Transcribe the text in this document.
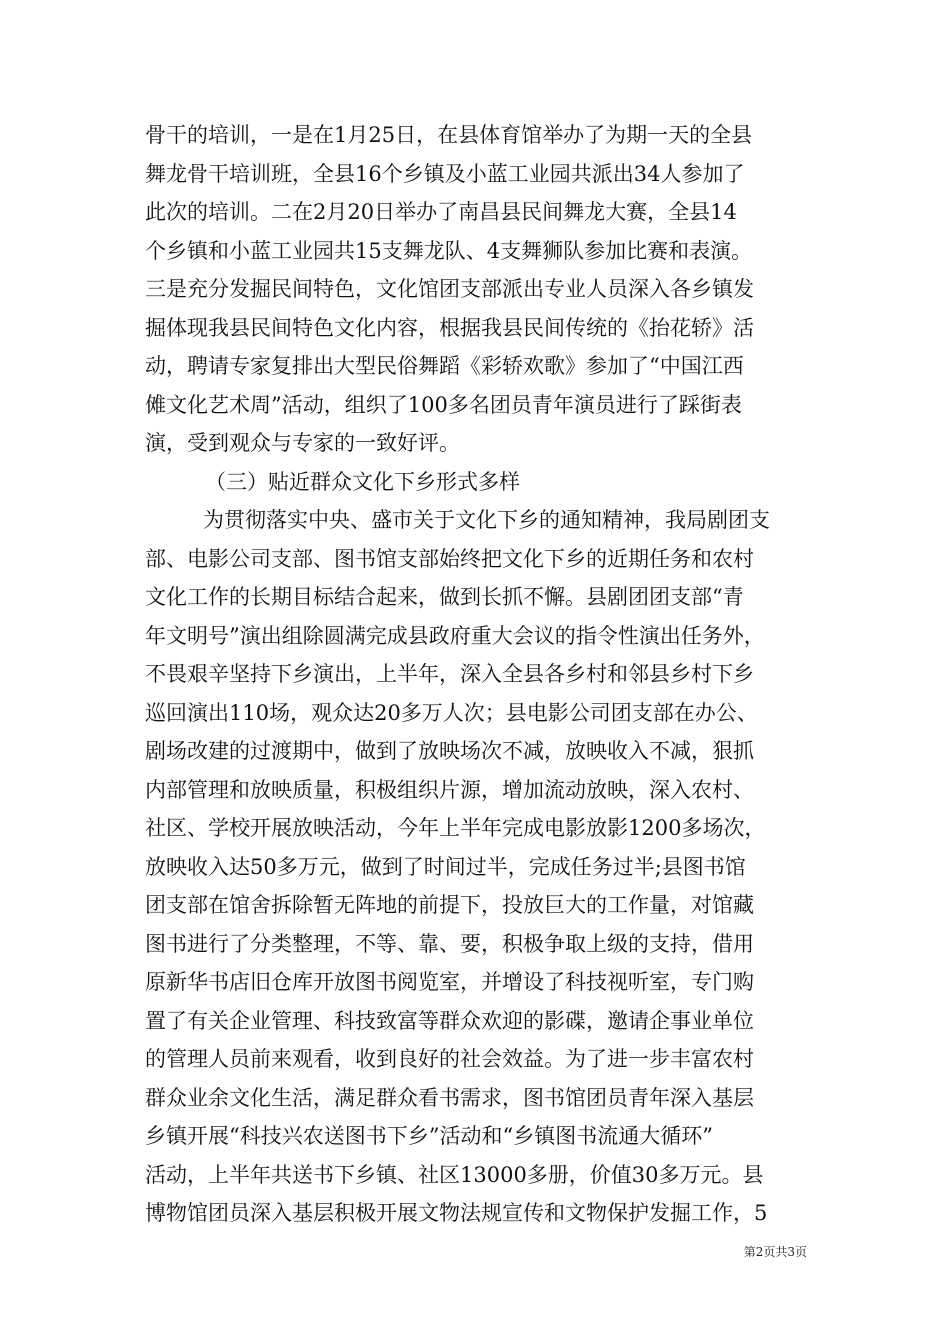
骨干的培训，一是在1月25日，在县体育馆举办了为期一天的全县
舞龙骨干培训班，全县16个乡镇及小蓝工业园共派出34人参加了
此次的培训。二在2月20日举办了南昌县民间舞龙大赛，全县14
个乡镇和小蓝工业园共15支舞龙队、4支舞狮队参加比赛和表演。
三是充分发掘民间特色，文化馆团支部派出专业人员深入各乡镇发
掘体现我县民间特色文化内容，根据我县民间传统的《抬花轿》活
动，聘请专家复排出大型民俗舞蹈《彩轿欢歌》参加了“中国江西
傩文化艺术周”活动，组织了100多名团员青年演员进行了踩街表
演，受到观众与专家的一致好评。
（三）贴近群众文化下乡形式多样
为贯彻落实中央、盛市关于文化下乡的通知精神，我局剧团支
部、电影公司支部、图书馆支部始终把文化下乡的近期任务和农村
文化工作的长期目标结合起来，做到长抓不懈。县剧团团支部“青
年文明号”演出组除圆满完成县政府重大会议的指令性演出任务外，
不畏艰辛坚持下乡演出，上半年，深入全县各乡村和邻县乡村下乡
巡回演出110场，观众达20多万人次；县电影公司团支部在办公、
剧场改建的过渡期中，做到了放映场次不减，放映收入不减，狠抓
内部管理和放映质量，积极组织片源，增加流动放映，深入农村、
社区、学校开展放映活动，今年上半年完成电影放影1200多场次，
放映收入达50多万元，做到了时间过半，完成任务过半;县图书馆
团支部在馆舍拆除暂无阵地的前提下，投放巨大的工作量，对馆藏
图书进行了分类整理，不等、靠、要，积极争取上级的支持，借用
原新华书店旧仓库开放图书阅览室，并增设了科技视听室，专门购
置了有关企业管理、科技致富等群众欢迎的影碟，邀请企事业单位
的管理人员前来观看，收到良好的社会效益。为了进一步丰富农村
群众业余文化生活，满足群众看书需求，图书馆团员青年深入基层
乡镇开展“科技兴农送图书下乡”活动和“乡镇图书流通大循环”
活动，上半年共送书下乡镇、社区13000多册，价值30多万元。县
博物馆团员深入基层积极开展文物法规宣传和文物保护发掘工作，5
第2页共3页
